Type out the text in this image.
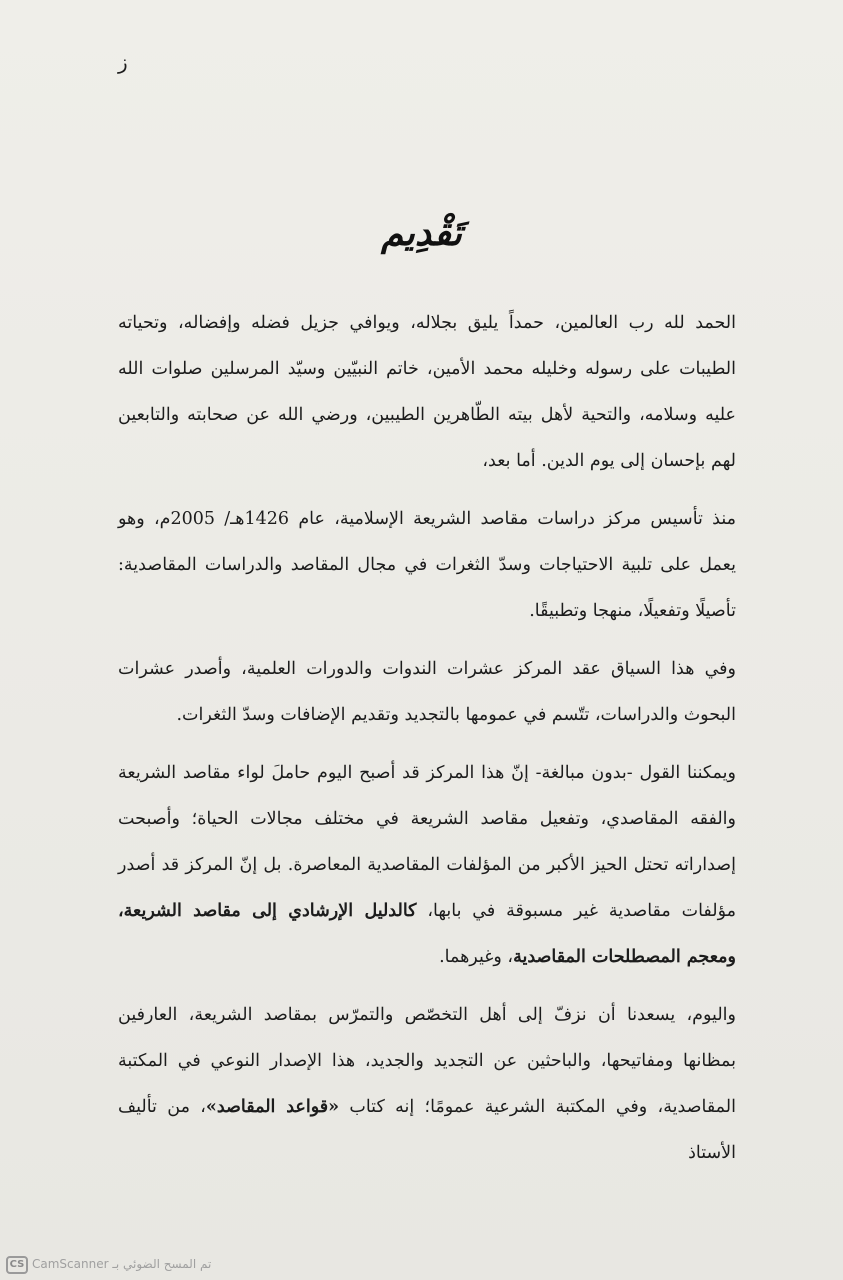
ز
تَقْدِيم

الحمد لله رب العالمين، حمداً يليق بجلاله، ويوافي جزيل فضله وإفضاله، وتحياته الطيبات على رسوله وخليله محمد الأمين، خاتم النبيّين وسيّد المرسلين صلوات الله عليه وسلامه، والتحية لأهل بيته الطّاهرين الطيبين، ورضي الله عن صحابته والتابعين لهم بإحسان إلى يوم الدين. أما بعد،

منذ تأسيس مركز دراسات مقاصد الشريعة الإسلامية، عام 1426هـ/ 2005م، وهو يعمل على تلبية الاحتياجات وسدّ الثغرات في مجال المقاصد والدراسات المقاصدية: تأصيلًا وتفعيلًا، منهجا وتطبيقًا.

وفي هذا السياق عقد المركز عشرات الندوات والدورات العلمية، وأصدر عشرات البحوث والدراسات، تتّسم في عمومها بالتجديد وتقديم الإضافات وسدّ الثغرات.

ويمكننا القول -بدون مبالغة- إنّ هذا المركز قد أصبح اليوم حاملَ لواء مقاصد الشريعة والفقه المقاصدي، وتفعيل مقاصد الشريعة في مختلف مجالات الحياة؛ وأصبحت إصداراته تحتل الحيز الأكبر من المؤلفات المقاصدية المعاصرة. بل إنّ المركز قد أصدر مؤلفات مقاصدية غير مسبوقة في بابها، كالدليل الإرشادي إلى مقاصد الشريعة، ومعجم المصطلحات المقاصدية، وغيرهما.

واليوم، يسعدنا أن نزفّ إلى أهل التخصّص والتمرّس بمقاصد الشريعة، العارفين بمظانها ومفاتيحها، والباحثين عن التجديد والجديد، هذا الإصدار النوعي في المكتبة المقاصدية، وفي المكتبة الشرعية عمومًا؛ إنه كتاب «قواعد المقاصد»، من تأليف الأستاذ

CS تم المسح الضوئي بـ CamScanner
